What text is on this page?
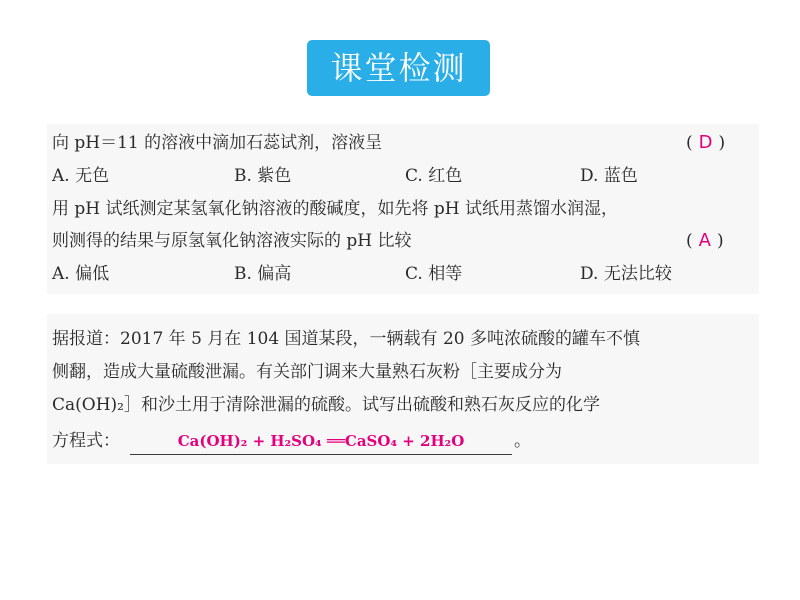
课堂检测
向 pH＝11 的溶液中滴加石蕊试剂，溶液呈	( D )
A. 无色	B. 紫色	C. 红色	D. 蓝色
用 pH 试纸测定某氢氧化钠溶液的酸碱度，如先将 pH 试纸用蒸馏水润湿，
则测得的结果与原氢氧化钠溶液实际的 pH 比较	( A )
A. 偏低	B. 偏高	C. 相等	D. 无法比较
据报道：2017 年 5 月在 104 国道某段，一辆载有 20 多吨浓硫酸的罐车不慎
侧翻，造成大量硫酸泄漏。有关部门调来大量熟石灰粉［主要成分为
Ca(OH)₂］和沙土用于清除泄漏的硫酸。试写出硫酸和熟石灰反应的化学
方程式：	Ca(OH)₂ + H₂SO₄ ══CaSO₄ + 2H₂O	。
